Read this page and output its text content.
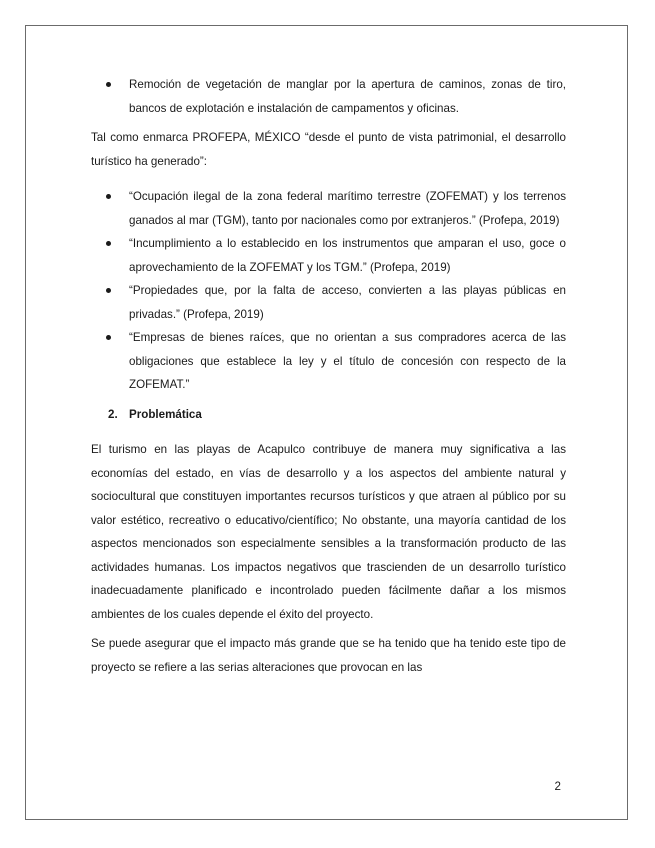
Remoción de vegetación de manglar por la apertura de caminos, zonas de tiro, bancos de explotación e instalación de campamentos y oficinas.

Tal como enmarca PROFEPA, MÉXICO “desde el punto de vista patrimonial, el desarrollo turístico ha generado”:

“Ocupación ilegal de la zona federal marítimo terrestre (ZOFEMAT) y los terrenos ganados al mar (TGM), tanto por nacionales como por extranjeros.” (Profepa, 2019)
“Incumplimiento a lo establecido en los instrumentos que amparan el uso, goce o aprovechamiento de la ZOFEMAT y los TGM.” (Profepa, 2019)
“Propiedades que, por la falta de acceso, convierten a las playas públicas en privadas.” (Profepa, 2019)
“Empresas de bienes raíces, que no orientan a sus compradores acerca de las obligaciones que establece la ley y el título de concesión con respecto de la ZOFEMAT.”
2. Problemática

El turismo en las playas de Acapulco contribuye de manera muy significativa a las economías del estado, en vías de desarrollo y a los aspectos del ambiente natural y sociocultural que constituyen importantes recursos turísticos y que atraen al público por su valor estético, recreativo o educativo/científico; No obstante, una mayoría cantidad de los aspectos mencionados son especialmente sensibles a la transformación producto de las actividades humanas. Los impactos negativos que trascienden de un desarrollo turístico inadecuadamente planificado e incontrolado pueden fácilmente dañar a los mismos ambientes de los cuales depende el éxito del proyecto.

Se puede asegurar que el impacto más grande que se ha tenido que ha tenido este tipo de proyecto se refiere a las serias alteraciones que provocan en las

2
